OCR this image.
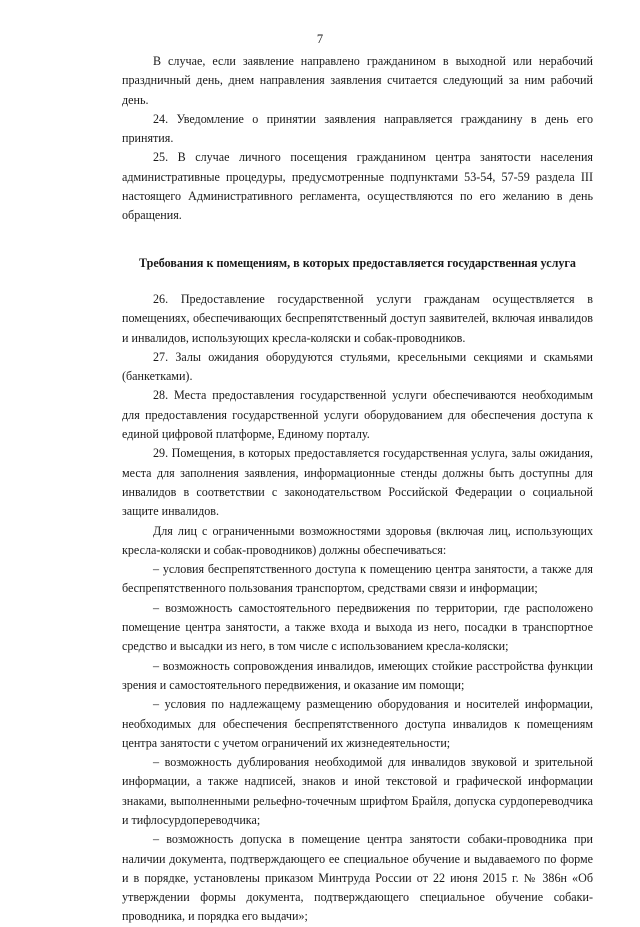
7

В случае, если заявление направлено гражданином в выходной или нерабочий праздничный день, днем направления заявления считается следующий за ним рабочий день.

24. Уведомление о принятии заявления направляется гражданину в день его принятия.

25. В случае личного посещения гражданином центра занятости населения административные процедуры, предусмотренные подпунктами 53-54, 57-59 раздела III настоящего Административного регламента, осуществляются по его желанию в день обращения.

Требования к помещениям, в которых предоставляется государственная услуга

26. Предоставление государственной услуги гражданам осуществляется в помещениях, обеспечивающих беспрепятственный доступ заявителей, включая инвалидов и инвалидов, использующих кресла-коляски и собак-проводников.

27. Залы ожидания оборудуются стульями, кресельными секциями и скамьями (банкетками).

28. Места предоставления государственной услуги обеспечиваются необходимым для предоставления государственной услуги оборудованием для обеспечения доступа к единой цифровой платформе, Единому порталу.

29. Помещения, в которых предоставляется государственная услуга, залы ожидания, места для заполнения заявления, информационные стенды должны быть доступны для инвалидов в соответствии с законодательством Российской Федерации о социальной защите инвалидов.

Для лиц с ограниченными возможностями здоровья (включая лиц, использующих кресла-коляски и собак-проводников) должны обеспечиваться:

– условия беспрепятственного доступа к помещению центра занятости, а также для беспрепятственного пользования транспортом, средствами связи и информации;

– возможность самостоятельного передвижения по территории, где расположено помещение центра занятости, а также входа и выхода из него, посадки в транспортное средство и высадки из него, в том числе с использованием кресла-коляски;

– возможность сопровождения инвалидов, имеющих стойкие расстройства функции зрения и самостоятельного передвижения, и оказание им помощи;

– условия по надлежащему размещению оборудования и носителей информации, необходимых для обеспечения беспрепятственного доступа инвалидов к помещениям центра занятости с учетом ограничений их жизнедеятельности;

– возможность дублирования необходимой для инвалидов звуковой и зрительной информации, а также надписей, знаков и иной текстовой и графической информации знаками, выполненными рельефно-точечным шрифтом Брайля, допуска сурдопереводчика и тифлосурдопереводчика;

– возможность допуска в помещение центра занятости собаки-проводника при наличии документа, подтверждающего ее специальное обучение и выдаваемого по форме и в порядке, установлены приказом Минтруда России от 22 июня 2015 г. № 386н «Об утверждении формы документа, подтверждающего специальное обучение собаки-проводника, и порядка его выдачи»;
